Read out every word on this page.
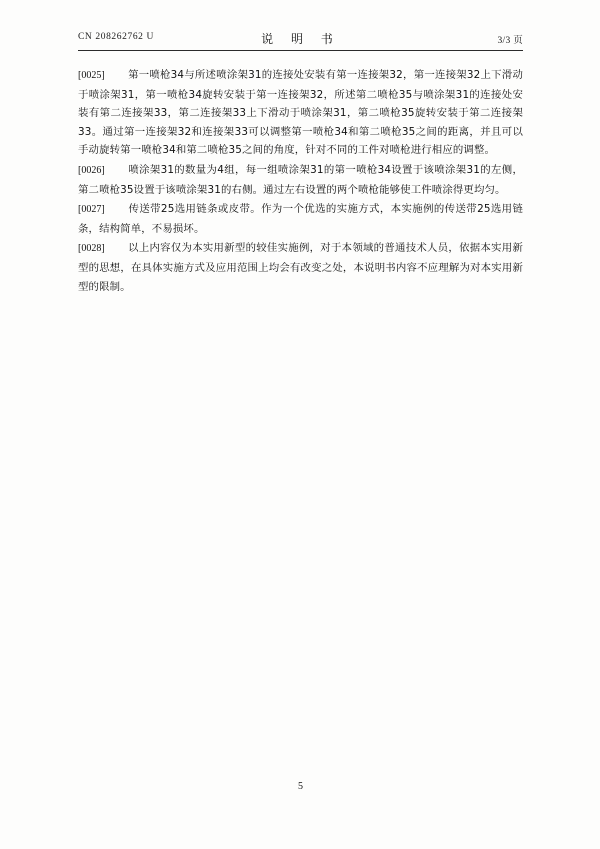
CN 208262762 U	说 明 书	3/3 页
[0025] 第一喷枪34与所述喷涂架31的连接处安装有第一连接架32，第一连接架32上下滑动于喷涂架31，第一喷枪34旋转安装于第一连接架32，所述第二喷枪35与喷涂架31的连接处安装有第二连接架33，第二连接架33上下滑动于喷涂架31，第二喷枪35旋转安装于第二连接架33。通过第一连接架32和连接架33可以调整第一喷枪34和第二喷枪35之间的距离，并且可以手动旋转第一喷枪34和第二喷枪35之间的角度，针对不同的工件对喷枪进行相应的调整。
[0026] 喷涂架31的数量为4组，每一组喷涂架31的第一喷枪34设置于该喷涂架31的左侧，第二喷枪35设置于该喷涂架31的右侧。通过左右设置的两个喷枪能够使工件喷涂得更均匀。
[0027] 传送带25选用链条或皮带。作为一个优选的实施方式，本实施例的传送带25选用链条，结构简单，不易损坏。
[0028] 以上内容仅为本实用新型的较佳实施例，对于本领域的普通技术人员，依据本实用新型的思想，在具体实施方式及应用范围上均会有改变之处，本说明书内容不应理解为对本实用新型的限制。
5
